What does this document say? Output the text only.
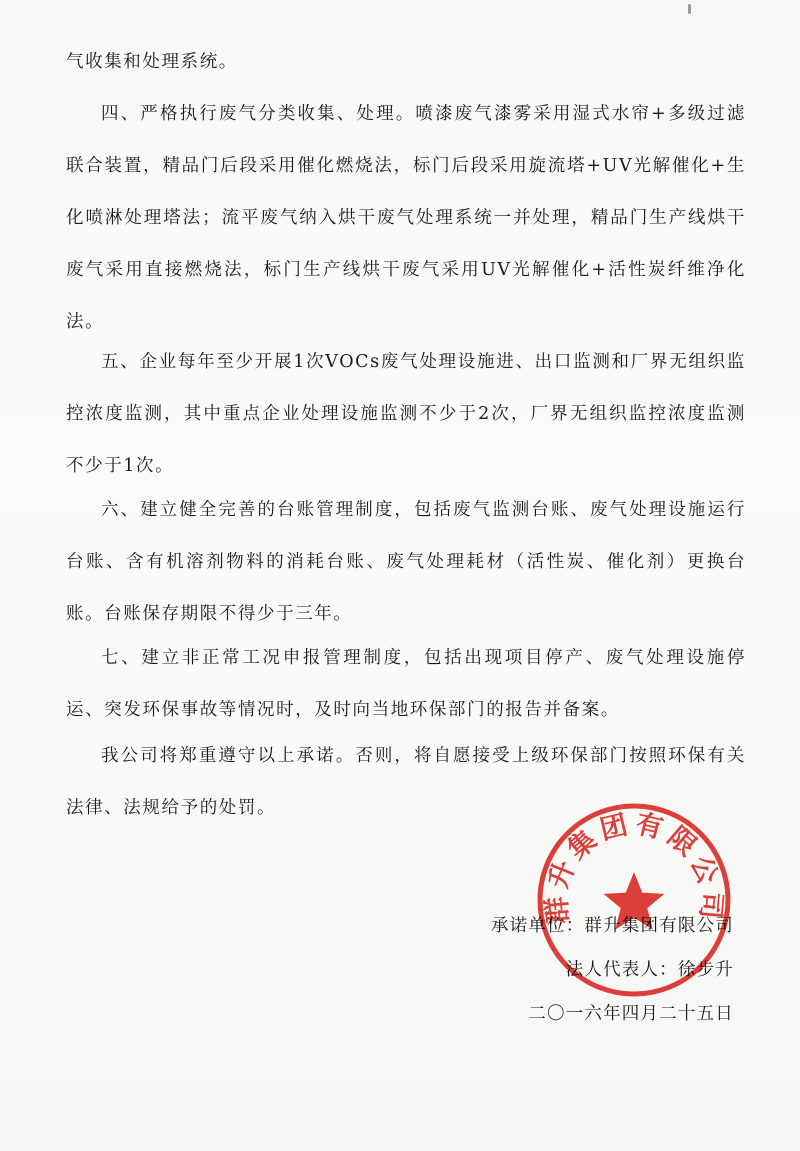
气收集和处理系统。
四、严格执行废气分类收集、处理。喷漆废气漆雾采用湿式水帘+多级过滤联合装置，精品门后段采用催化燃烧法，标门后段采用旋流塔+UV光解催化+生化喷淋处理塔法；流平废气纳入烘干废气处理系统一并处理，精品门生产线烘干废气采用直接燃烧法，标门生产线烘干废气采用UV光解催化+活性炭纤维净化法。
五、企业每年至少开展1次VOCs废气处理设施进、出口监测和厂界无组织监控浓度监测，其中重点企业处理设施监测不少于2次，厂界无组织监控浓度监测不少于1次。
六、建立健全完善的台账管理制度，包括废气监测台账、废气处理设施运行台账、含有机溶剂物料的消耗台账、废气处理耗材（活性炭、催化剂）更换台账。台账保存期限不得少于三年。
七、建立非正常工况申报管理制度，包括出现项目停产、废气处理设施停运、突发环保事故等情况时，及时向当地环保部门的报告并备案。
我公司将郑重遵守以上承诺。否则，将自愿接受上级环保部门按照环保有关法律、法规给予的处罚。
承诺单位：群升集团有限公司
法人代表人：徐步升
二〇一六年四月二十五日
群升集团有限公司
